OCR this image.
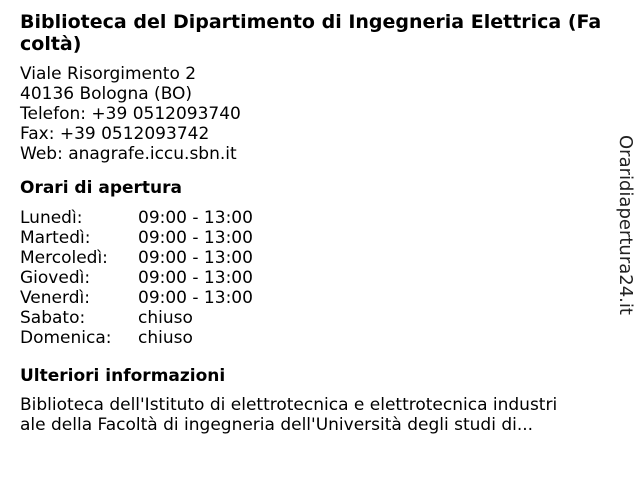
Biblioteca del Dipartimento di Ingegneria Elettrica (Facoltà)
Viale Risorgimento 2
40136 Bologna (BO)
Telefon: +39 0512093740
Fax: +39 0512093742
Web: anagrafe.iccu.sbn.it
Orari di apertura
Lunedì:	09:00 - 13:00
Martedì:	09:00 - 13:00
Mercoledì:	09:00 - 13:00
Giovedì:	09:00 - 13:00
Venerdì:	09:00 - 13:00
Sabato:	chiuso
Domenica:	chiuso
Ulteriori informazioni
Biblioteca dell'Istituto di elettrotecnica e elettrotecnica industriale della Facoltà di ingegneria dell'Università degli studi di...
Oraridiapertura24.it
